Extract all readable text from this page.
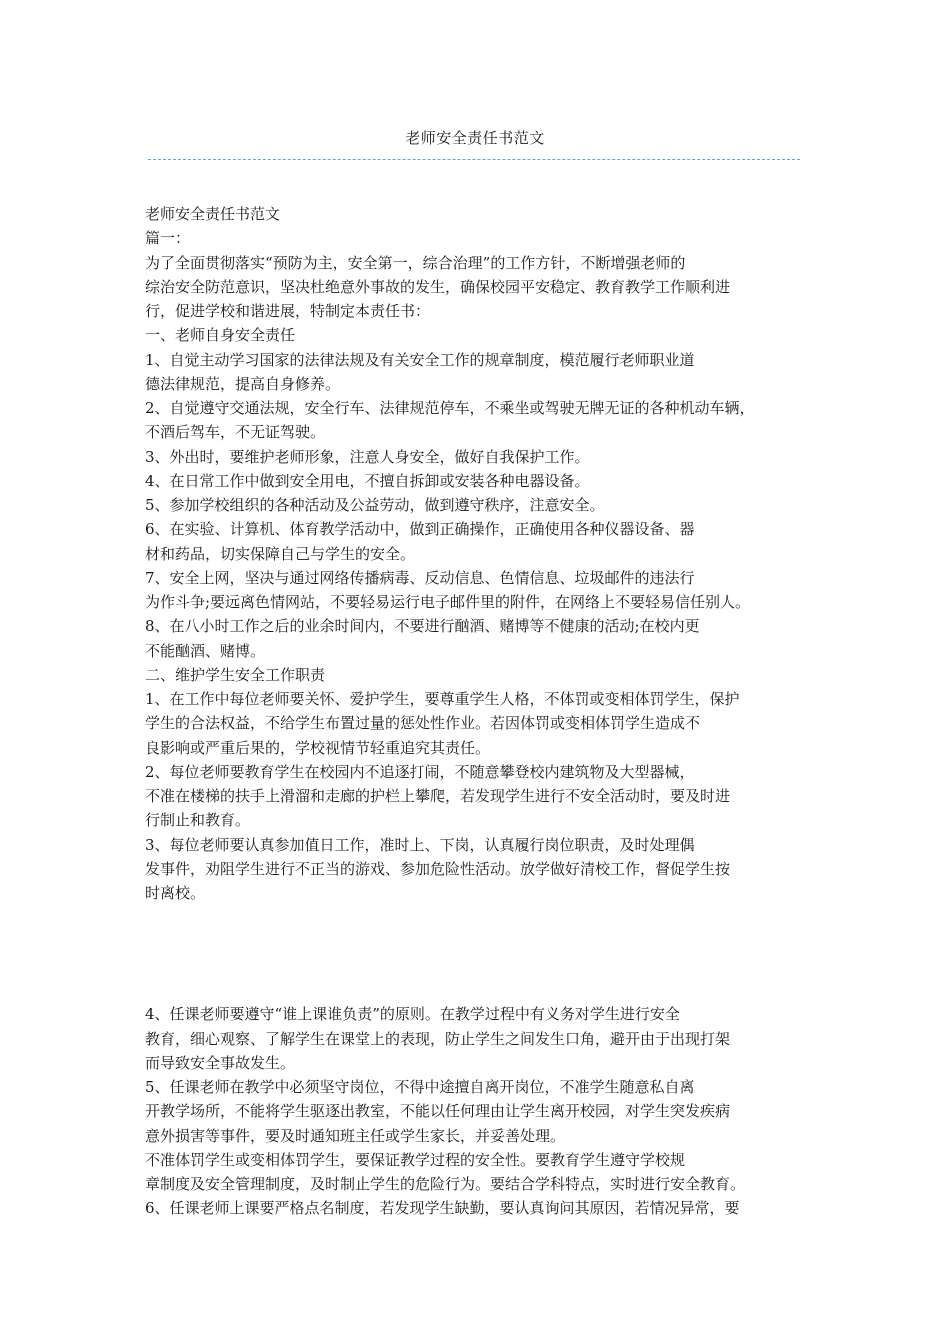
老师安全责任书范文

老师安全责任书范文

篇一：

为了全面贯彻落实“预防为主，安全第一，综合治理”的工作方针，不断增强老师的

综治安全防范意识，坚决杜绝意外事故的发生，确保校园平安稳定、教育教学工作顺利进

行，促进学校和谐进展，特制定本责任书：

一、老师自身安全责任

1、自觉主动学习国家的法律法规及有关安全工作的规章制度，模范履行老师职业道

德法律规范，提高自身修养。

2、自觉遵守交通法规，安全行车、法律规范停车，不乘坐或驾驶无牌无证的各种机动车辆，

不酒后驾车，不无证驾驶。

3、外出时，要维护老师形象，注意人身安全，做好自我保护工作。

4、在日常工作中做到安全用电，不擅自拆卸或安装各种电器设备。

5、参加学校组织的各种活动及公益劳动，做到遵守秩序，注意安全。

6、在实验、计算机、体育教学活动中，做到正确操作，正确使用各种仪器设备、器

材和药品，切实保障自己与学生的安全。

7、安全上网，坚决与通过网络传播病毒、反动信息、色情信息、垃圾邮件的违法行

为作斗争;要远离色情网站，不要轻易运行电子邮件里的附件，在网络上不要轻易信任别人。

8、在八小时工作之后的业余时间内，不要进行酗酒、赌博等不健康的活动;在校内更

不能酗酒、赌博。

二、维护学生安全工作职责

1、在工作中每位老师要关怀、爱护学生，要尊重学生人格，不体罚或变相体罚学生，保护

学生的合法权益，不给学生布置过量的惩处性作业。若因体罚或变相体罚学生造成不

良影响或严重后果的，学校视情节轻重追究其责任。

2、每位老师要教育学生在校园内不追逐打闹，不随意攀登校内建筑物及大型器械，

不准在楼梯的扶手上滑溜和走廊的护栏上攀爬，若发现学生进行不安全活动时，要及时进

行制止和教育。

3、每位老师要认真参加值日工作，准时上、下岗，认真履行岗位职责，及时处理偶

发事件，劝阻学生进行不正当的游戏、参加危险性活动。放学做好清校工作，督促学生按

时离校。

4、任课老师要遵守“谁上课谁负责”的原则。在教学过程中有义务对学生进行安全

教育，细心观察、了解学生在课堂上的表现，防止学生之间发生口角，避开由于出现打架

而导致安全事故发生。

5、任课老师在教学中必须坚守岗位，不得中途擅自离开岗位，不准学生随意私自离

开教学场所，不能将学生驱逐出教室，不能以任何理由让学生离开校园，对学生突发疾病

意外损害等事件，要及时通知班主任或学生家长，并妥善处理。

不准体罚学生或变相体罚学生，要保证教学过程的安全性。要教育学生遵守学校规

章制度及安全管理制度，及时制止学生的危险行为。要结合学科特点，实时进行安全教育。

6、任课老师上课要严格点名制度，若发现学生缺勤，要认真询问其原因，若情况异常，要
